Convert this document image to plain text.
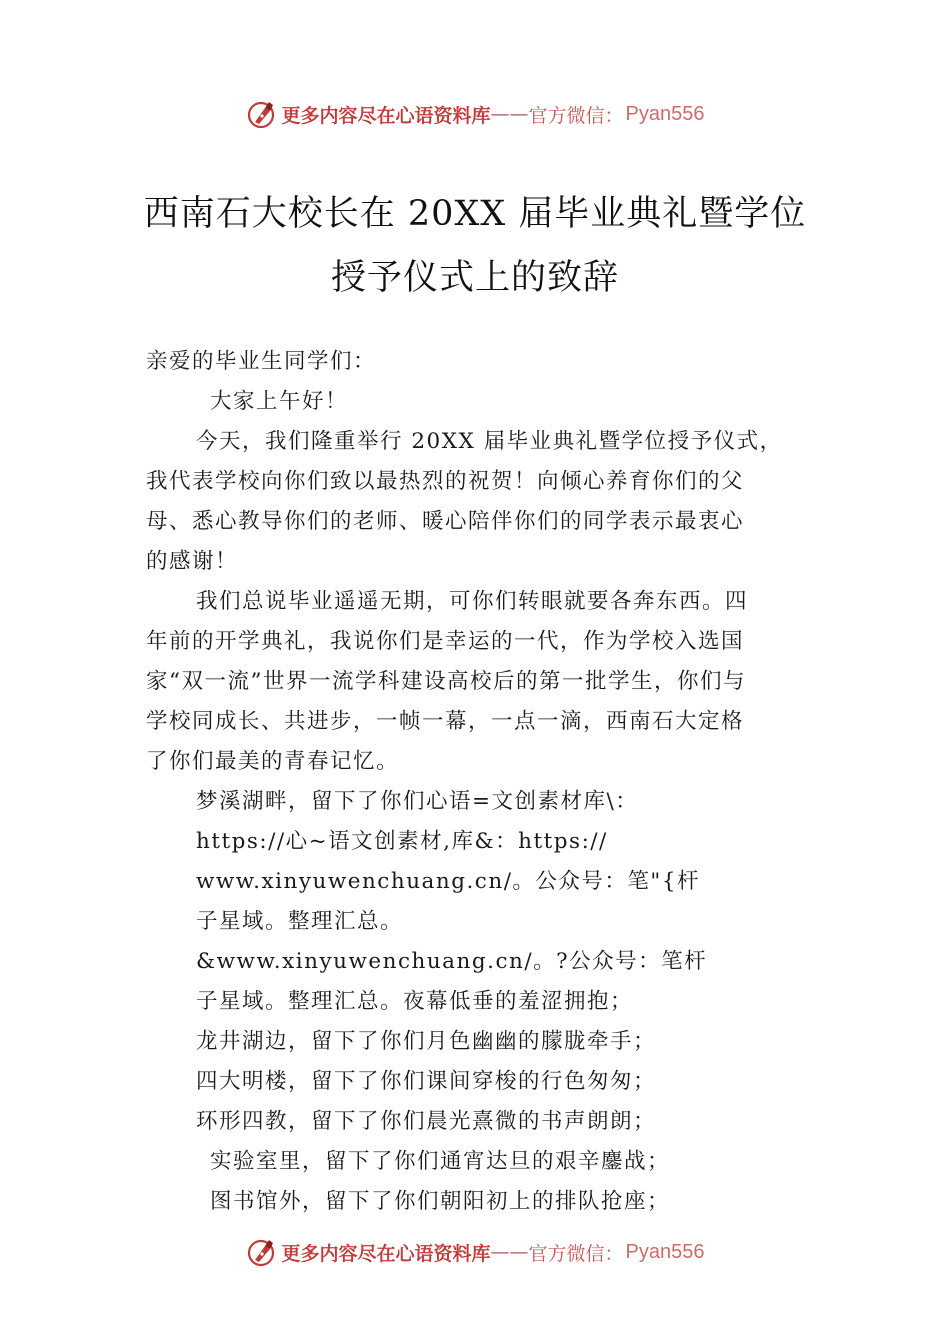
更多内容尽在心语资料库 —— 官方微信： Pyan556
西南石大校长在 20XX 届毕业典礼暨学位
授予仪式上的致辞
亲爱的毕业生同学们：
大家上午好！
今天，我们隆重举行 20XX 届毕业典礼暨学位授予仪式，
我代表学校向你们致以最热烈的祝贺！向倾心养育你们的父
母、悉心教导你们的老师、暖心陪伴你们的同学表示最衷心
的感谢！
我们总说毕业遥遥无期，可你们转眼就要各奔东西。四
年前的开学典礼，我说你们是幸运的一代，作为学校入选国
家“双一流”世界一流学科建设高校后的第一批学生，你们与
学校同成长、共进步，一帧一幕，一点一滴，西南石大定格
了你们最美的青春记忆。
梦溪湖畔，留下了你们心语=文创素材库\：
https://心~语文创素材,库&：https://
www.xinyuwenchuang.cn/。公众号：笔"{杆
子星域。整理汇总。
&www.xinyuwenchuang.cn/。?公众号：笔杆
子星域。整理汇总。夜幕低垂的羞涩拥抱；
龙井湖边，留下了你们月色幽幽的朦胧牵手；
四大明楼，留下了你们课间穿梭的行色匆匆；
环形四教，留下了你们晨光熹微的书声朗朗；
实验室里，留下了你们通宵达旦的艰辛鏖战；
图书馆外，留下了你们朝阳初上的排队抢座；
更多内容尽在心语资料库 —— 官方微信： Pyan556
